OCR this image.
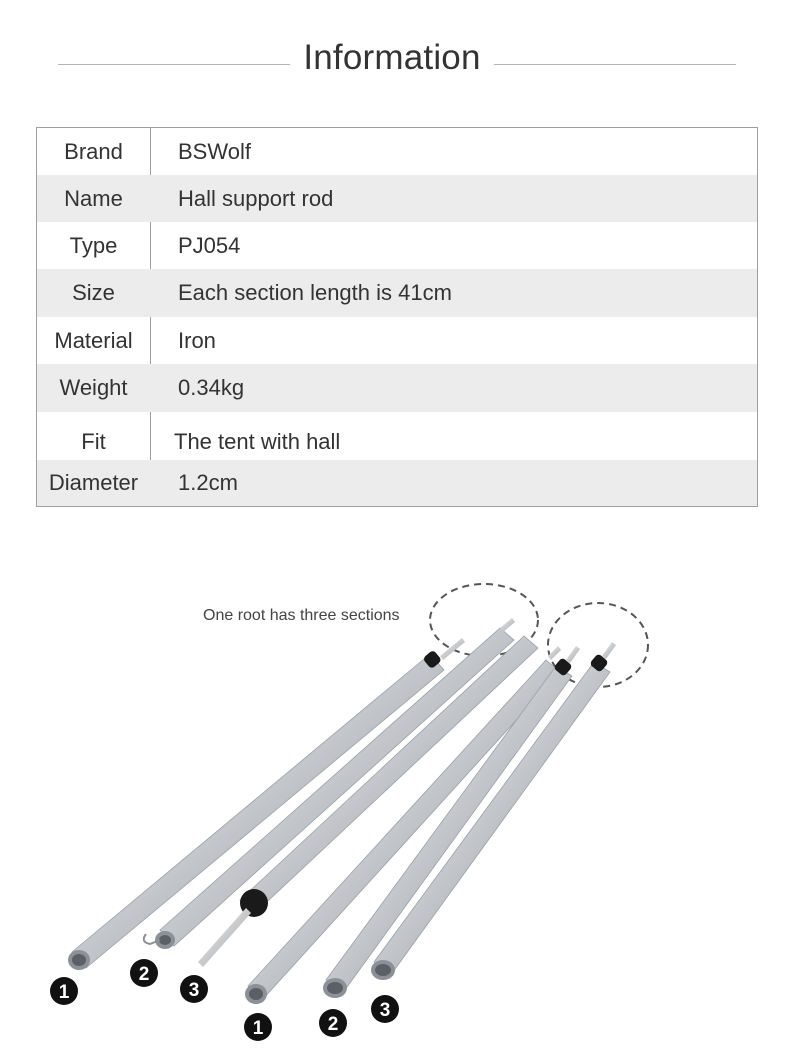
Information
Brand	BSWolf
Name	Hall support rod
Type	PJ054
Size	Each section length is 41cm
Material	Iron
Weight	0.34kg
Fit	The tent with hall
Diameter	1.2cm
One root has three sections
1
2
3
1	2
3
